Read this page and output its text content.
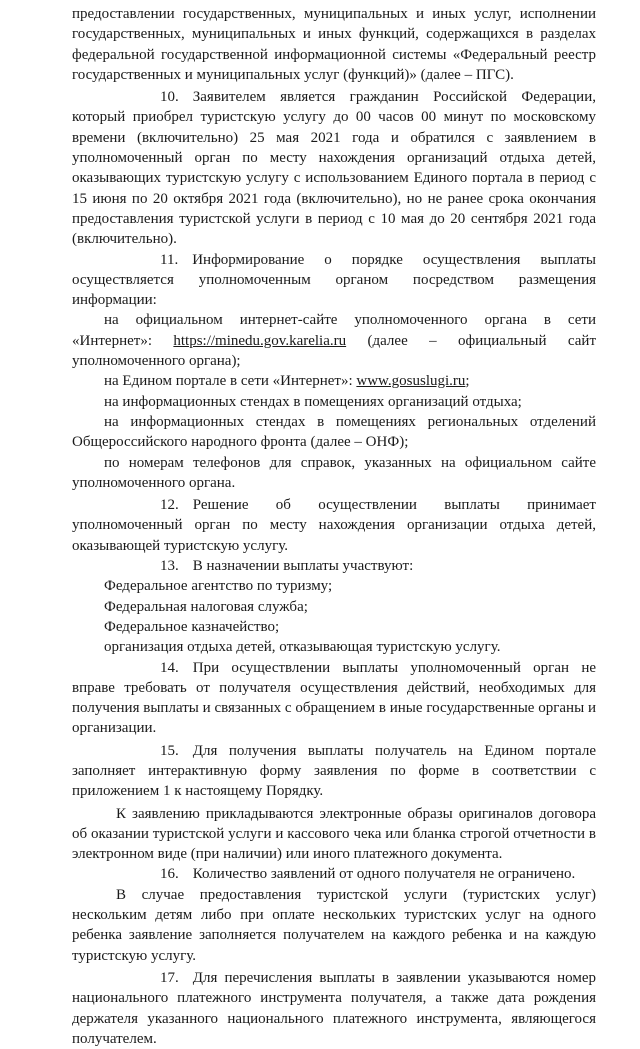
предоставлении государственных, муниципальных и иных услуг, исполнении государственных, муниципальных и иных функций, содержащихся в разделах федеральной государственной информационной системы «Федеральный реестр государственных и муниципальных услуг (функций)» (далее – ПГС).

10. Заявителем является гражданин Российской Федерации, который приобрел туристскую услугу до 00 часов 00 минут по московскому времени (включительно) 25 мая 2021 года и обратился с заявлением в уполномоченный орган по месту нахождения организаций отдыха детей, оказывающих туристскую услугу с использованием Единого портала в период с 15 июня по 20 октября 2021 года (включительно), но не ранее срока окончания предоставления туристской услуги в период с 10 мая до 20 сентября 2021 года (включительно).

11. Информирование о порядке осуществления выплаты осуществляется уполномоченным органом посредством размещения информации:

на официальном интернет-сайте уполномоченного органа в сети «Интернет»: https://minedu.gov.karelia.ru (далее – официальный сайт уполномоченного органа);

на Едином портале в сети «Интернет»: www.gosuslugi.ru;

на информационных стендах в помещениях организаций отдыха;

на информационных стендах в помещениях региональных отделений Общероссийского народного фронта (далее – ОНФ);

по номерам телефонов для справок, указанных на официальном сайте уполномоченного органа.

12. Решение об осуществлении выплаты принимает уполномоченный орган по месту нахождения организации отдыха детей, оказывающей туристскую услугу.

13. В назначении выплаты участвуют:

Федеральное агентство по туризму;

Федеральная налоговая служба;

Федеральное казначейство;

организация отдыха детей, отказывающая туристскую услугу.

14. При осуществлении выплаты уполномоченный орган не вправе требовать от получателя осуществления действий, необходимых для получения выплаты и связанных с обращением в иные государственные органы и организации.

15. Для получения выплаты получатель на Едином портале заполняет интерактивную форму заявления по форме в соответствии с приложением 1 к настоящему Порядку.

К заявлению прикладываются электронные образы оригиналов договора об оказании туристской услуги и кассового чека или бланка строгой отчетности в электронном виде (при наличии) или иного платежного документа.

16. Количество заявлений от одного получателя не ограничено.

В случае предоставления туристской услуги (туристских услуг) нескольким детям либо при оплате нескольких туристских услуг на одного ребенка заявление заполняется получателем на каждого ребенка и на каждую туристскую услугу.

17. Для перечисления выплаты в заявлении указываются номер национального платежного инструмента получателя, а также дата рождения держателя указанного национального платежного инструмента, являющегося получателем.
